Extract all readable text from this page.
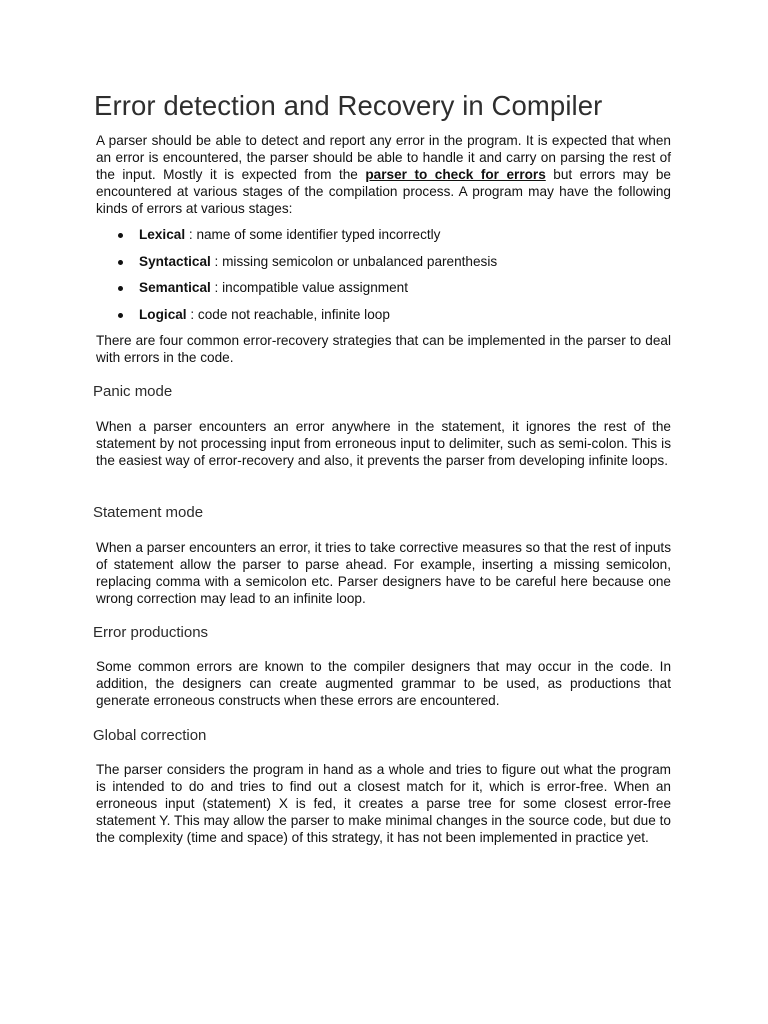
Error detection and Recovery in Compiler

A parser should be able to detect and report any error in the program. It is expected that when an error is encountered, the parser should be able to handle it and carry on parsing the rest of the input. Mostly it is expected from the parser to check for errors but errors may be encountered at various stages of the compilation process. A program may have the following kinds of errors at various stages:

Lexical : name of some identifier typed incorrectly
Syntactical : missing semicolon or unbalanced parenthesis
Semantical : incompatible value assignment
Logical : code not reachable, infinite loop

There are four common error-recovery strategies that can be implemented in the parser to deal with errors in the code.

Panic mode

When a parser encounters an error anywhere in the statement, it ignores the rest of the statement by not processing input from erroneous input to delimiter, such as semi-colon. This is the easiest way of error-recovery and also, it prevents the parser from developing infinite loops.

Statement mode

When a parser encounters an error, it tries to take corrective measures so that the rest of inputs of statement allow the parser to parse ahead. For example, inserting a missing semicolon, replacing comma with a semicolon etc. Parser designers have to be careful here because one wrong correction may lead to an infinite loop.

Error productions

Some common errors are known to the compiler designers that may occur in the code. In addition, the designers can create augmented grammar to be used, as productions that generate erroneous constructs when these errors are encountered.

Global correction

The parser considers the program in hand as a whole and tries to figure out what the program is intended to do and tries to find out a closest match for it, which is error-free. When an erroneous input (statement) X is fed, it creates a parse tree for some closest error-free statement Y. This may allow the parser to make minimal changes in the source code, but due to the complexity (time and space) of this strategy, it has not been implemented in practice yet.
